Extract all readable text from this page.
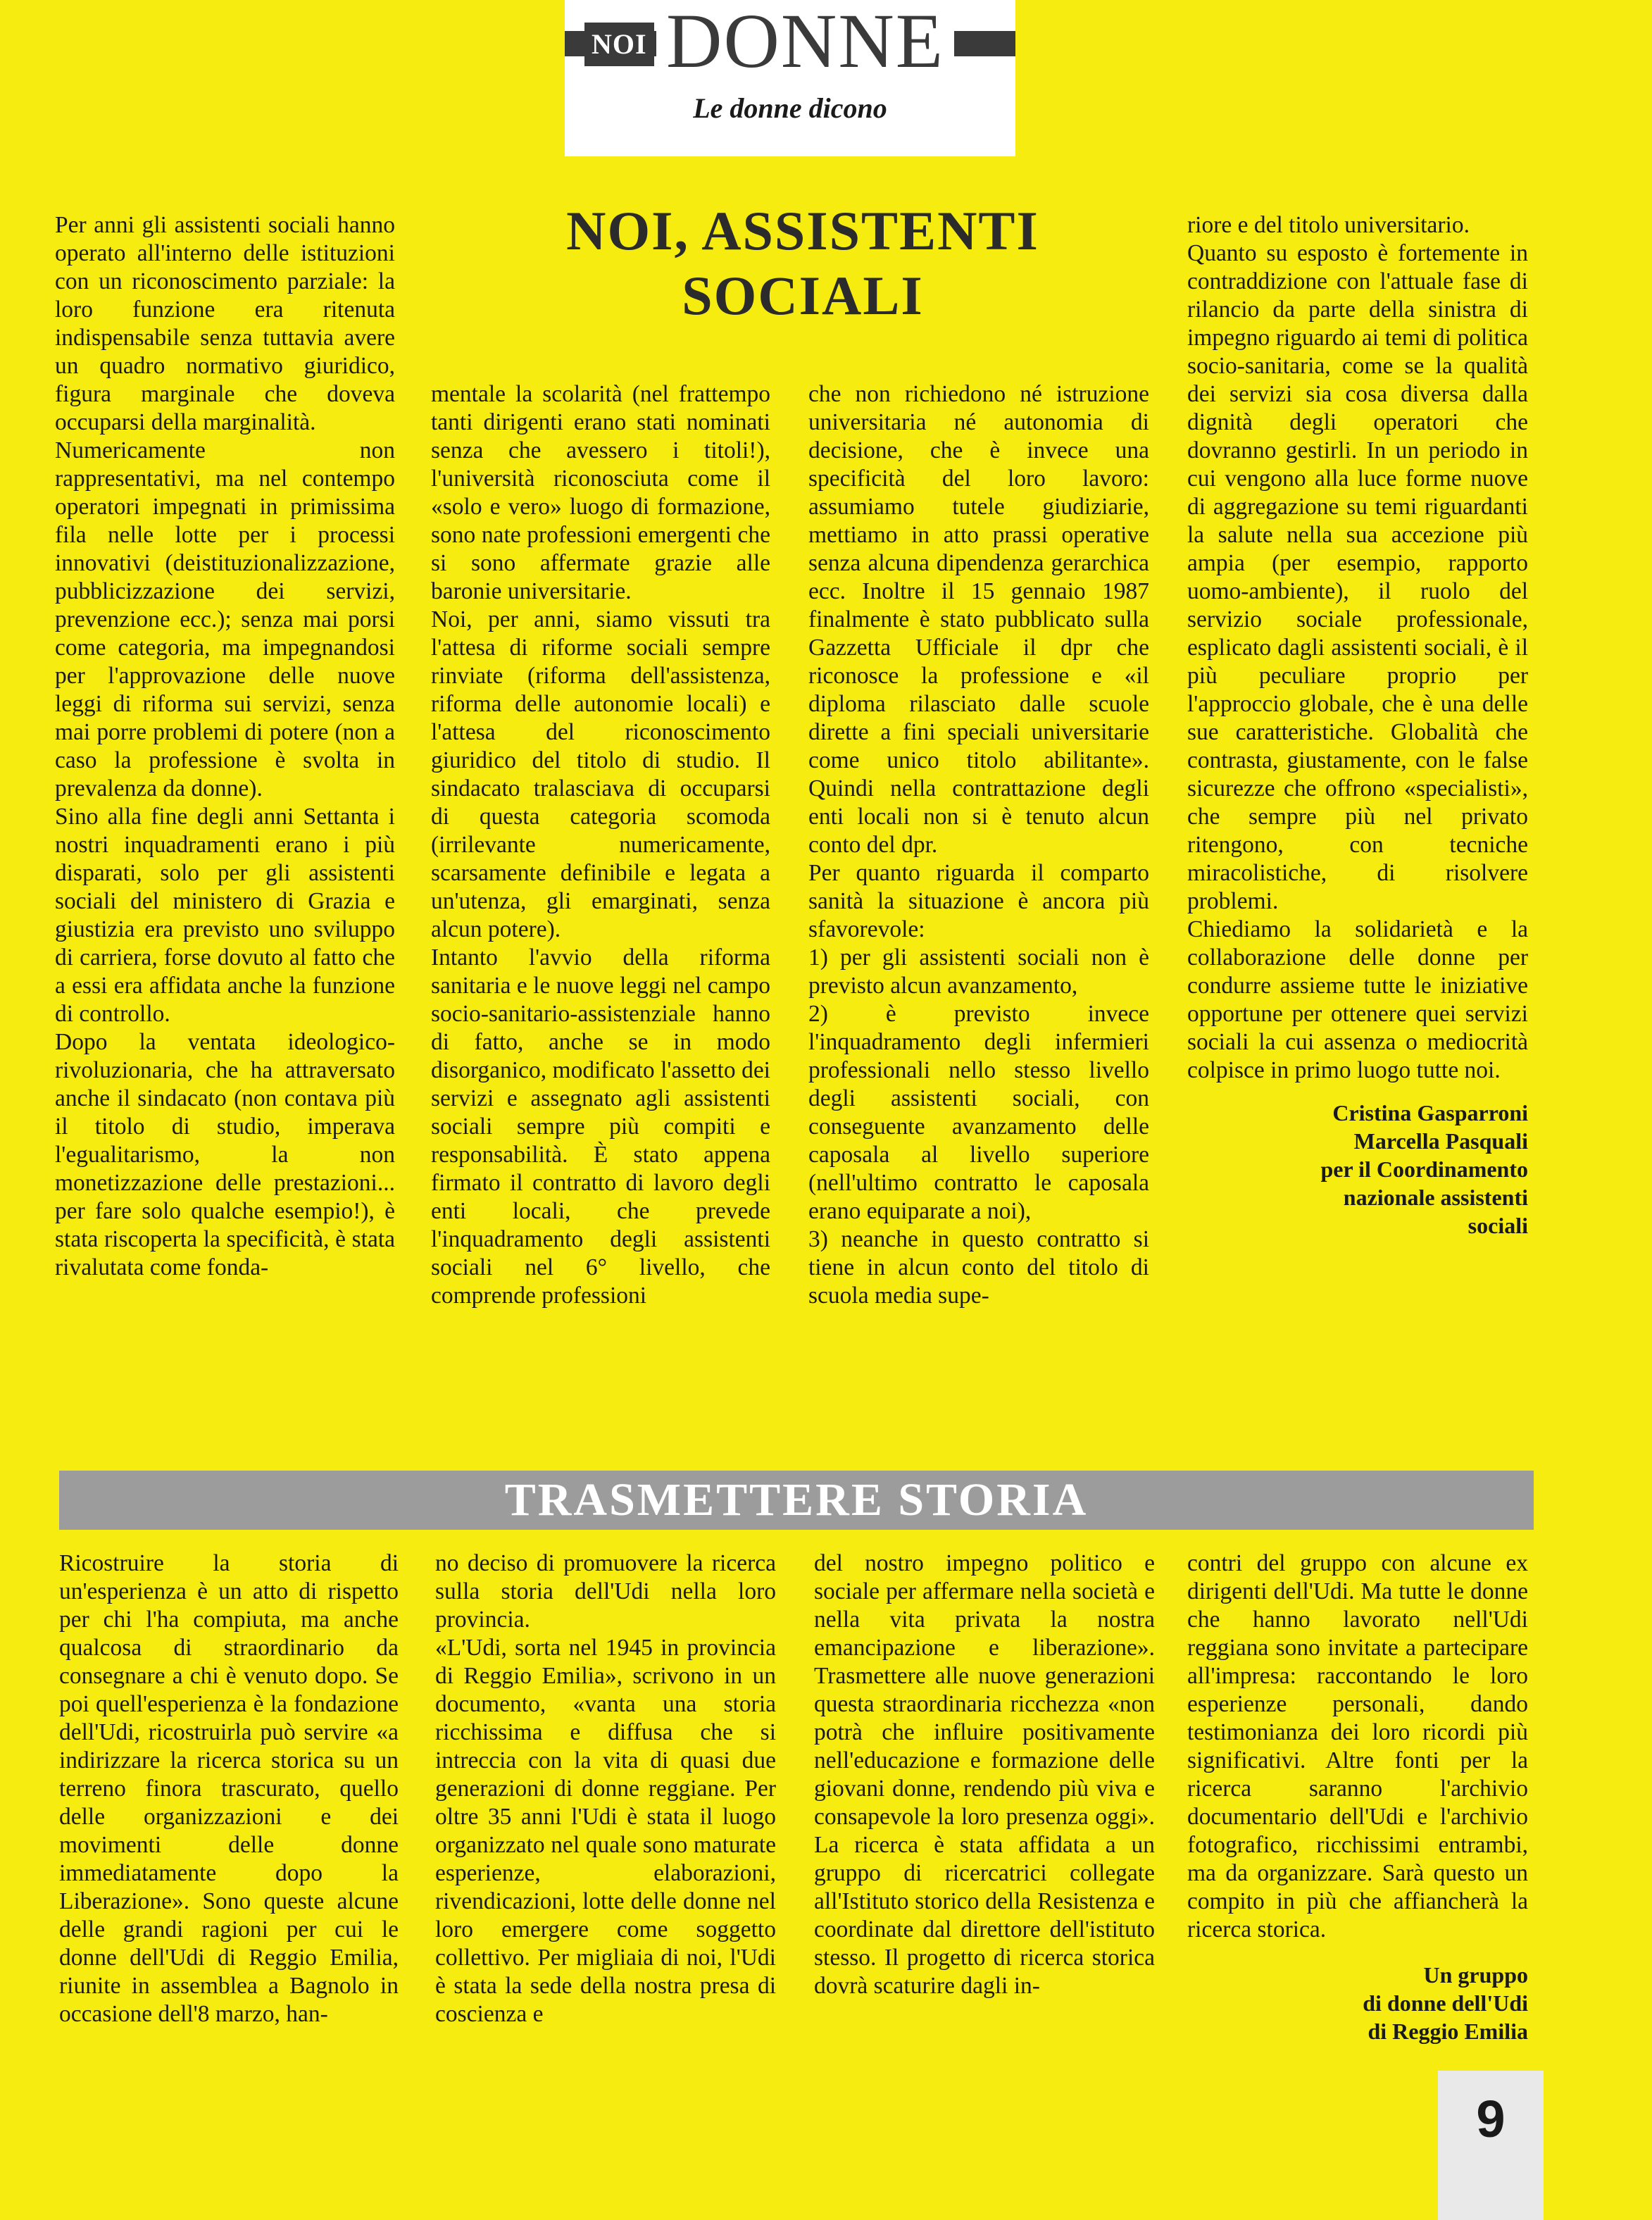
NOI DONNE
Le donne dicono
NOI, ASSISTENTI
SOCIALI

Per anni gli assistenti sociali hanno operato all'interno delle istituzioni con un riconoscimento parziale: la loro funzione era ritenuta indispensabile senza tuttavia avere un quadro normativo giuridico, figura marginale che doveva occuparsi della marginalità.

Numericamente non rappresentativi, ma nel contempo operatori impegnati in primissima fila nelle lotte per i processi innovativi (deistituzionalizzazione, pubblicizzazione dei servizi, prevenzione ecc.); senza mai porsi come categoria, ma impegnandosi per l'approvazione delle nuove leggi di riforma sui servizi, senza mai porre problemi di potere (non a caso la professione è svolta in prevalenza da donne).

Sino alla fine degli anni Settanta i nostri inquadramenti erano i più disparati, solo per gli assistenti sociali del ministero di Grazia e giustizia era previsto uno sviluppo di carriera, forse dovuto al fatto che a essi era affidata anche la funzione di controllo.

Dopo la ventata ideologico-rivoluzionaria, che ha attraversato anche il sindacato (non contava più il titolo di studio, imperava l'egualitarismo, la non monetizzazione delle prestazioni... per fare solo qualche esempio!), è stata riscoperta la specificità, è stata rivalutata come fonda-

mentale la scolarità (nel frattempo tanti dirigenti erano stati nominati senza che avessero i titoli!), l'università riconosciuta come il «solo e vero» luogo di formazione, sono nate professioni emergenti che si sono affermate grazie alle baronie universitarie.

Noi, per anni, siamo vissuti tra l'attesa di riforme sociali sempre rinviate (riforma dell'assistenza, riforma delle autonomie locali) e l'attesa del riconoscimento giuridico del titolo di studio. Il sindacato tralasciava di occuparsi di questa categoria scomoda (irrilevante numericamente, scarsamente definibile e legata a un'utenza, gli emarginati, senza alcun potere).

Intanto l'avvio della riforma sanitaria e le nuove leggi nel campo socio-sanitario-assistenziale hanno di fatto, anche se in modo disorganico, modificato l'assetto dei servizi e assegnato agli assistenti sociali sempre più compiti e responsabilità. È stato appena firmato il contratto di lavoro degli enti locali, che prevede l'inquadramento degli assistenti sociali nel 6° livello, che comprende professioni

che non richiedono né istruzione universitaria né autonomia di decisione, che è invece una specificità del loro lavoro: assumiamo tutele giudiziarie, mettiamo in atto prassi operative senza alcuna dipendenza gerarchica ecc. Inoltre il 15 gennaio 1987 finalmente è stato pubblicato sulla Gazzetta Ufficiale il dpr che riconosce la professione e «il diploma rilasciato dalle scuole dirette a fini speciali universitarie come unico titolo abilitante». Quindi nella contrattazione degli enti locali non si è tenuto alcun conto del dpr.

Per quanto riguarda il comparto sanità la situazione è ancora più sfavorevole:

1) per gli assistenti sociali non è previsto alcun avanzamento,

2) è previsto invece l'inquadramento degli infermieri professionali nello stesso livello degli assistenti sociali, con conseguente avanzamento delle caposala al livello superiore (nell'ultimo contratto le caposala erano equiparate a noi),

3) neanche in questo contratto si tiene in alcun conto del titolo di scuola media supe-

riore e del titolo universitario.

Quanto su esposto è fortemente in contraddizione con l'attuale fase di rilancio da parte della sinistra di impegno riguardo ai temi di politica socio-sanitaria, come se la qualità dei servizi sia cosa diversa dalla dignità degli operatori che dovranno gestirli. In un periodo in cui vengono alla luce forme nuove di aggregazione su temi riguardanti la salute nella sua accezione più ampia (per esempio, rapporto uomo-ambiente), il ruolo del servizio sociale professionale, esplicato dagli assistenti sociali, è il più peculiare proprio per l'approccio globale, che è una delle sue caratteristiche. Globalità che contrasta, giustamente, con le false sicurezze che offrono «specialisti», che sempre più nel privato ritengono, con tecniche miracolistiche, di risolvere problemi.

Chiediamo la solidarietà e la collaborazione delle donne per condurre assieme tutte le iniziative opportune per ottenere quei servizi sociali la cui assenza o mediocrità colpisce in primo luogo tutte noi.

Cristina Gasparroni
Marcella Pasquali
per il Coordinamento
nazionale assistenti
sociali
TRASMETTERE STORIA

Ricostruire la storia di un'esperienza è un atto di rispetto per chi l'ha compiuta, ma anche qualcosa di straordinario da consegnare a chi è venuto dopo. Se poi quell'esperienza è la fondazione dell'Udi, ricostruirla può servire «a indirizzare la ricerca storica su un terreno finora trascurato, quello delle organizzazioni e dei movimenti delle donne immediatamente dopo la Liberazione». Sono queste alcune delle grandi ragioni per cui le donne dell'Udi di Reggio Emilia, riunite in assemblea a Bagnolo in occasione dell'8 marzo, han-

no deciso di promuovere la ricerca sulla storia dell'Udi nella loro provincia.

«L'Udi, sorta nel 1945 in provincia di Reggio Emilia», scrivono in un documento, «vanta una storia ricchissima e diffusa che si intreccia con la vita di quasi due generazioni di donne reggiane. Per oltre 35 anni l'Udi è stata il luogo organizzato nel quale sono maturate esperienze, elaborazioni, rivendicazioni, lotte delle donne nel loro emergere come soggetto collettivo. Per migliaia di noi, l'Udi è stata la sede della nostra presa di coscienza e

del nostro impegno politico e sociale per affermare nella società e nella vita privata la nostra emancipazione e liberazione». Trasmettere alle nuove generazioni questa straordinaria ricchezza «non potrà che influire positivamente nell'educazione e formazione delle giovani donne, rendendo più viva e consapevole la loro presenza oggi». La ricerca è stata affidata a un gruppo di ricercatrici collegate all'Istituto storico della Resistenza e coordinate dal direttore dell'istituto stesso. Il progetto di ricerca storica dovrà scaturire dagli in-

contri del gruppo con alcune ex dirigenti dell'Udi. Ma tutte le donne che hanno lavorato nell'Udi reggiana sono invitate a partecipare all'impresa: raccontando le loro esperienze personali, dando testimonianza dei loro ricordi più significativi. Altre fonti per la ricerca saranno l'archivio documentario dell'Udi e l'archivio fotografico, ricchissimi entrambi, ma da organizzare. Sarà questo un compito in più che affiancherà la ricerca storica.

Un gruppo
di donne dell'Udi
di Reggio Emilia
9
